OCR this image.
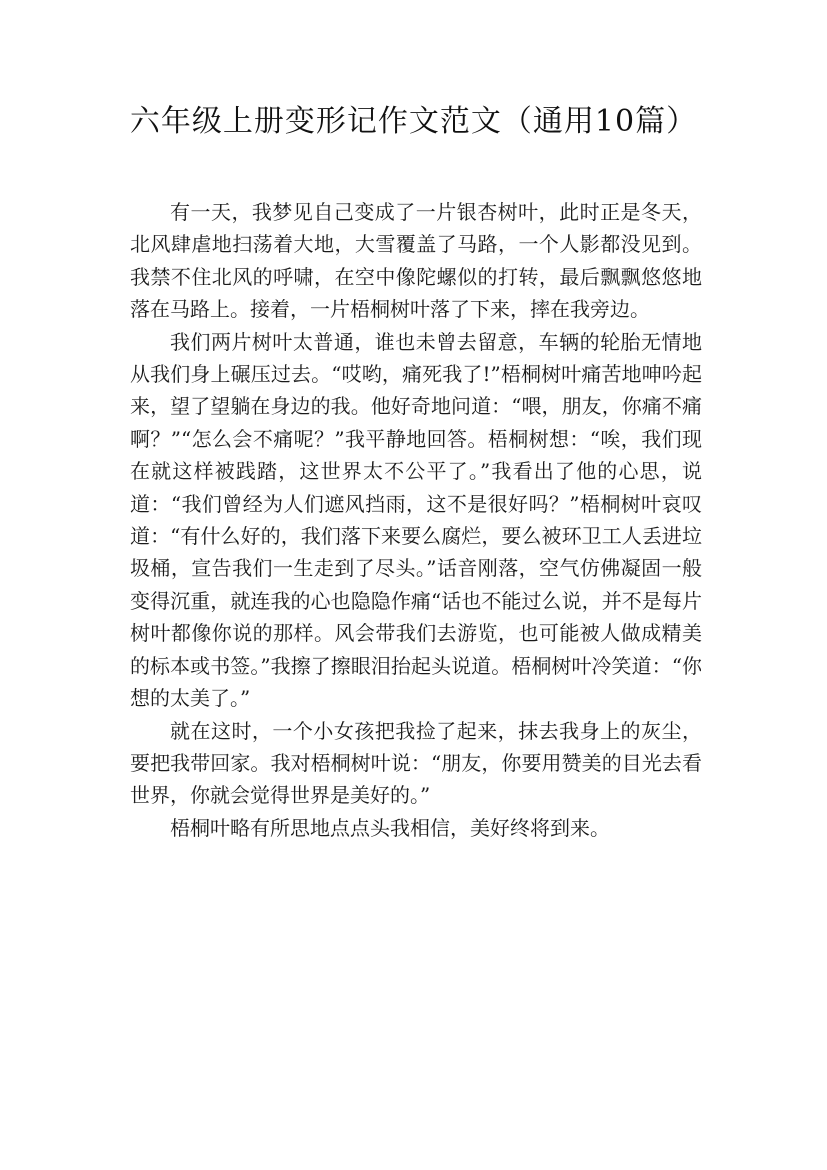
六年级上册变形记作文范文（通用10篇）

有一天，我梦见自己变成了一片银杏树叶，此时正是冬天，北风肆虐地扫荡着大地，大雪覆盖了马路，一个人影都没见到。我禁不住北风的呼啸，在空中像陀螺似的打转，最后飘飘悠悠地落在马路上。接着，一片梧桐树叶落了下来，摔在我旁边。

我们两片树叶太普通，谁也未曾去留意，车辆的轮胎无情地从我们身上碾压过去。“哎哟，痛死我了!”梧桐树叶痛苦地呻吟起来，望了望躺在身边的我。他好奇地问道：“喂，朋友，你痛不痛啊？”“怎么会不痛呢？”我平静地回答。梧桐树想：“唉，我们现在就这样被践踏，这世界太不公平了。”我看出了他的心思，说道：“我们曾经为人们遮风挡雨，这不是很好吗？”梧桐树叶哀叹道：“有什么好的，我们落下来要么腐烂，要么被环卫工人丢进垃圾桶，宣告我们一生走到了尽头。”话音刚落，空气仿佛凝固一般变得沉重，就连我的心也隐隐作痛“话也不能过么说，并不是每片树叶都像你说的那样。风会带我们去游览，也可能被人做成精美的标本或书签。”我擦了擦眼泪抬起头说道。梧桐树叶冷笑道：“你想的太美了。”

就在这时，一个小女孩把我捡了起来，抹去我身上的灰尘，要把我带回家。我对梧桐树叶说：“朋友，你要用赞美的目光去看世界，你就会觉得世界是美好的。”

梧桐叶略有所思地点点头我相信，美好终将到来。
